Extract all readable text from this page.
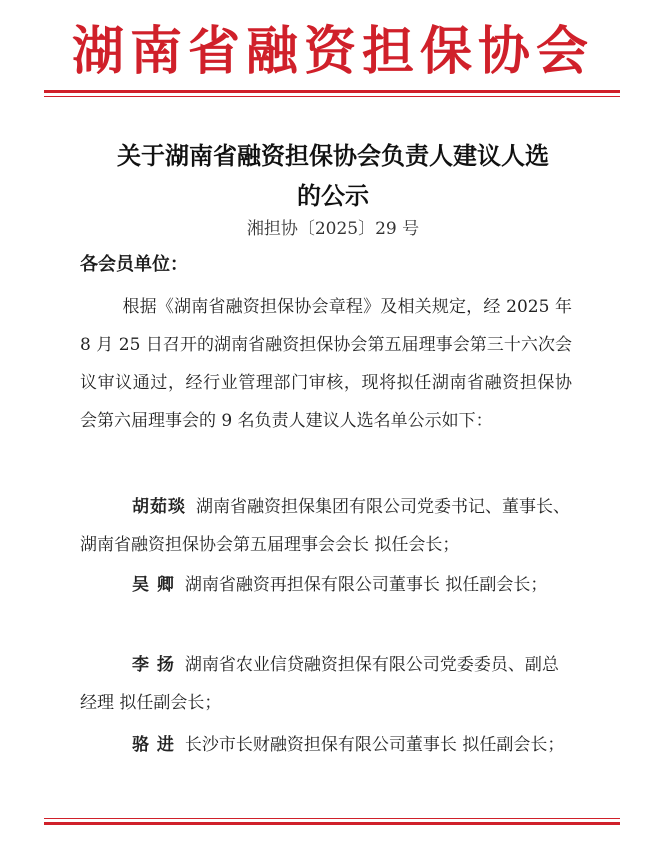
湖南省融资担保协会
关于湖南省融资担保协会负责人建议人选
的公示
湘担协〔2025〕29 号
各会员单位：

根据《湖南省融资担保协会章程》及相关规定，经 2025 年 8 月 25 日召开的湖南省融资担保协会第五届理事会第三十六次会议审议通过，经行业管理部门审核，现将拟任湖南省融资担保协会第六届理事会的 9 名负责人建议人选名单公示如下：

胡茹琰 湖南省融资担保集团有限公司党委书记、董事长、湖南省融资担保协会第五届理事会会长 拟任会长；
吴 卿 湖南省融资再担保有限公司董事长 拟任副会长；
李 扬 湖南省农业信贷融资担保有限公司党委委员、副总经理 拟任副会长；
骆 进 长沙市长财融资担保有限公司董事长 拟任副会长；
